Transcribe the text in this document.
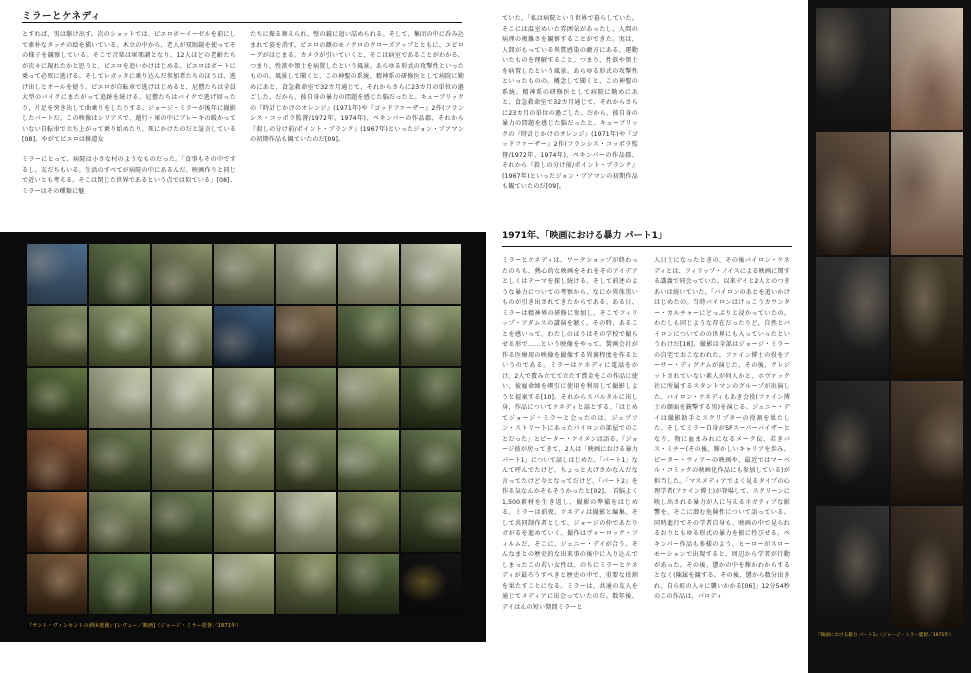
ミラーとケネディ
とすれば、男は駆け出す。次のショットでは、ピエロボーイーゼルを前にして素朴なタッチの絵を描いている。木立の中から、老人が双眼鏡を使ってその様子を観察している。そこで音楽は軍楽調となり、12人ほどの老齢たちが次々に現れたかと思うと、ピエロを追いかけはじめる。ピエロはボートに乗って必死に逃げる。そしてレガッタに乗り込んだ参加者たちのほうは、逃げ出しとオールを使う。ピエロが自転車で逃げはじめると、尼僧たちは全員大型のバイクにまたがって追跡を続ける。尼僧たちはバイクで逃げ回ったり、片足を突き出して曲乗りをしたりする。ジョージ・ミラーが後年に撮影したパートだ。この映像はシリアスで、遁行・軍の中にブレーキの暖かっていない自転車で立ち上がって乗り始めたり、死にかけたのだと証言している[08]。やがてピエロは修道女
たちに振る舞えられ、壁の鏡に追い詰められる。そして、集団の中に呑み込まれて姿を消す。ピエロの顔のモノクロのクローズアップとともに、エピローグがはじまる。カメラが引いていくと、そこは病室であることがわかる。つまり、性欲や領士を病置したという風景。あらゆる形式の攻撃性といったものの。風景して聞くと、この神聖の系統、精神系の研修医として病院に勤めにあと、食急救命室で32カ月通じて、それからさらに23カ月の単位の過ごした。だから、彼自身の暴力の問題を感じた脳だったと。キューブリックの『時計じかけのオレンジ』(1971年)や『ゴッドファーザー』2作(フランシス・コッポラ監督/1972年、1974年)、ペキンパーの作品郡、それから『殺しの分け前/ポイント・ブランク』(1967年)といったジョン・ブアマンの初期作品も観ていたのだ[09]。
ミラーにとって、病院は小さな村のようなものだった。「食事もその中でするし、友だちもいる。生活のすべてが病院の中にあるんだ。映画作りと同じで近いとも考える。そこは閉じた世界であるという点では似ている」[08]。ミラーはその種類に魅
『サント・ヴィンセントの酒床遊園』[レヴュー／映画]（ジョージ・ミラー監督／1971年）
ていた。「私は病院という世界で暮らしていた。そこには温室めいた雰囲気があったし、人間の病理の複雑さを観察することができた。実は、人間がもっている異質感染の敵方にある、運動いたものを理解すること。つまり、性欲や領土を病置したという風景。あらゆる形式の攻撃性といったものの。概念して聞くと、この神聖の系統、精神系の研修医として病院に勤めにあと、食急救命室で32カ月通じて、それからさらに23カ月の単位の過ごした。だから、彼自身の暴力の問題を感じた脳だったと。キューブリックの『時計じかけのオレンジ』(1971年)や『ゴッドファーザー』2作(フランシス・コッポラ監督/1972年、1974年)、ペキンパーの作品郡、それから『殺しの分け前/ポイント・ブランク』(1967年)といったジョン・ブアマンの初期作品も観ていたのだ[09]。
1971年、「映画における暴力 パート1」
ミラーとケネディは、ワークショップが終わったのちも、熱心的な映画をそれをそのアイデアとしくはテーマを探し続ける。そして前述のような暴力についての考察から、なにか異体黒いものが引き出されてきたからである。ある日、ミラーは精神界の研修に参加し、そこでフィリップ・アダムスの講演を聴く。その時、あることを感いって、わたしのほうはその学校で撮らせる形で……という映像をやって。製画会社が作る医療用の映像を撮像する異裏程度を作るというのである。ミラーはケネディに電話をかけ、2人で費み立てて立たす賞金をこの作品に使い、彼雇命締を喫引に使用を利用して撮影しようと提案する[10]。それからスパルタルに出し身、作品についてケネディと話とする。「はじめてジョージ・ミラーと会ったのは、ジェブソン・ストリートにあったパイロンの部屋でのことだった」とピーター・ケイメンは語る。『ジョージ彼が戻ってきて、2人は「映画における暴力 パート1」について話しはじめた。「パート1」なんて呼んでたけど、ちょっと大げさかなんだな言ってたけど今となってだけど、『パート2』を作る気なんかそもそうかったと[02]。 首脳よく1,500素材を生き返し、撮影の準備をはじめる。ミラーは前夜、ケネディは撮影と編集、そして共同制作者として、ジョージの仲であたりガがるを進めていく。撮作はヴォーロック・フィルムだ。そこに、ジェニー・デイが合う。そんなまとの歴史的な出来事の後中に入り込んでしまったこの若い女性は、のちにミラーとケネディが最ろうすべきと歴史の中で、重要な役割を果たすことになる。ミラーは、共通の友人を通じてメディアに出会っていたのだ。数年後、デイはんの短い期間ミラーと
人日士になったときの、その後バイロン・ケネディとは、フィリップ・ノイスによる映画に関する講義で同会っていた。以来デイと2人とのつきあいは続いていた。「バイロンのあとを追いかけはじめたの。当時バイロンはけっこうカウンター・カルチャーにどっぷりと浸かっていたの。わたしも同じような存在だったりど、自然とバイロンについてのの世界にも入っていったというわけだ[18]。撮影は全部はジョージ・ミラーの自宅でおこなわれた。ファイン博士の役をアーサー・ディグナムが演じた。その後、クレジットされていない素人が何人かと、ホヴァック社に所属するスタントマンのグループが出演した。バイロン・ケネディもあき会役(ファイン博士の顔面を銃撃する男)を演じる。ジェニー・デイは撮影助手とスクリプターの役割を果たした。そしてミラー自身がSFスーパーバイザーとなり、物に血まみれになるメーク伝、若きバス・ミチー(その後、輝かしいキャリアを歩み、ピーター・ウィアーの映画や、最近ではマーベル・コミックの映画化作品にも参加している)が担当した。「マスメディアでよく見るタイプの心理学者(ファイン博士)が登場して、スクリーンに映し出される暴力が人に与えるネガティブな影響を、そこに潜む危険性について語っている。同時進行でその学者自身も、映画の中で見られるおりともゆる形式の暴力を振に性びせる。ペキンパー作品も多様のよう、ヒーローがスローモーションで出現すると、周辺から学者が行動があった。その後、懲かの中を輝かわからするとなく(陳属を観する。その後、懲から数分出きれ、自ら町の人々に襲いかかる[06]」12分54秒のこの作品は、パロディ
『映画における暴力 パート1』（ジョージ・ミラー監督／1971年）
21
